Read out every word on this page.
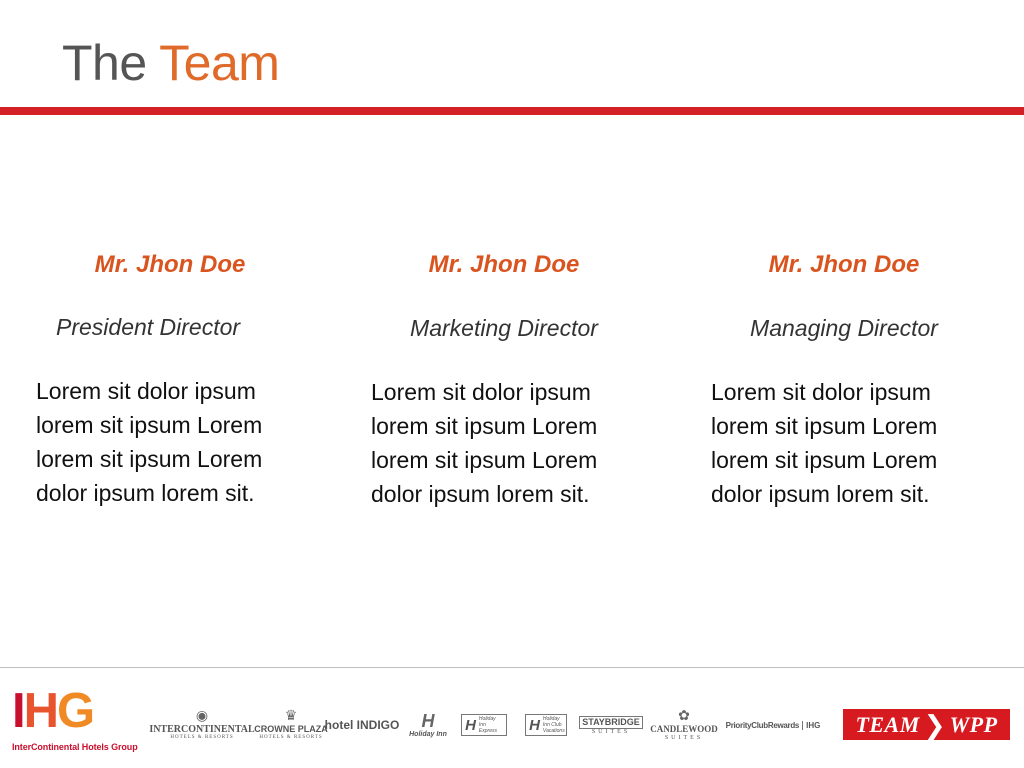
The Team
Mr. Jhon Doe
President Director
Lorem sit dolor ipsum
lorem sit ipsum Lorem
lorem sit ipsum Lorem
dolor ipsum lorem sit.
Mr. Jhon Doe
Marketing Director
Lorem sit dolor ipsum
lorem sit ipsum Lorem
lorem sit ipsum Lorem
dolor ipsum lorem sit.
Mr. Jhon Doe
Managing Director
Lorem sit dolor ipsum
lorem sit ipsum Lorem
lorem sit ipsum Lorem
dolor ipsum lorem sit.
IHG
InterContinental Hotels Group
◉
INTERCONTINENTAL
HOTELS & RESORTS
♛
CROWNE PLAZA
HOTELS & RESORTS
hotel INDIGO H
Holiday Inn
H Holiday Inn Express	H Holiday Inn Club Vacations
STAYBRIDGE
SUITES
✿
CANDLEWOOD
SUITES
PriorityClubRewards IHG TEAM ❯ WPP
